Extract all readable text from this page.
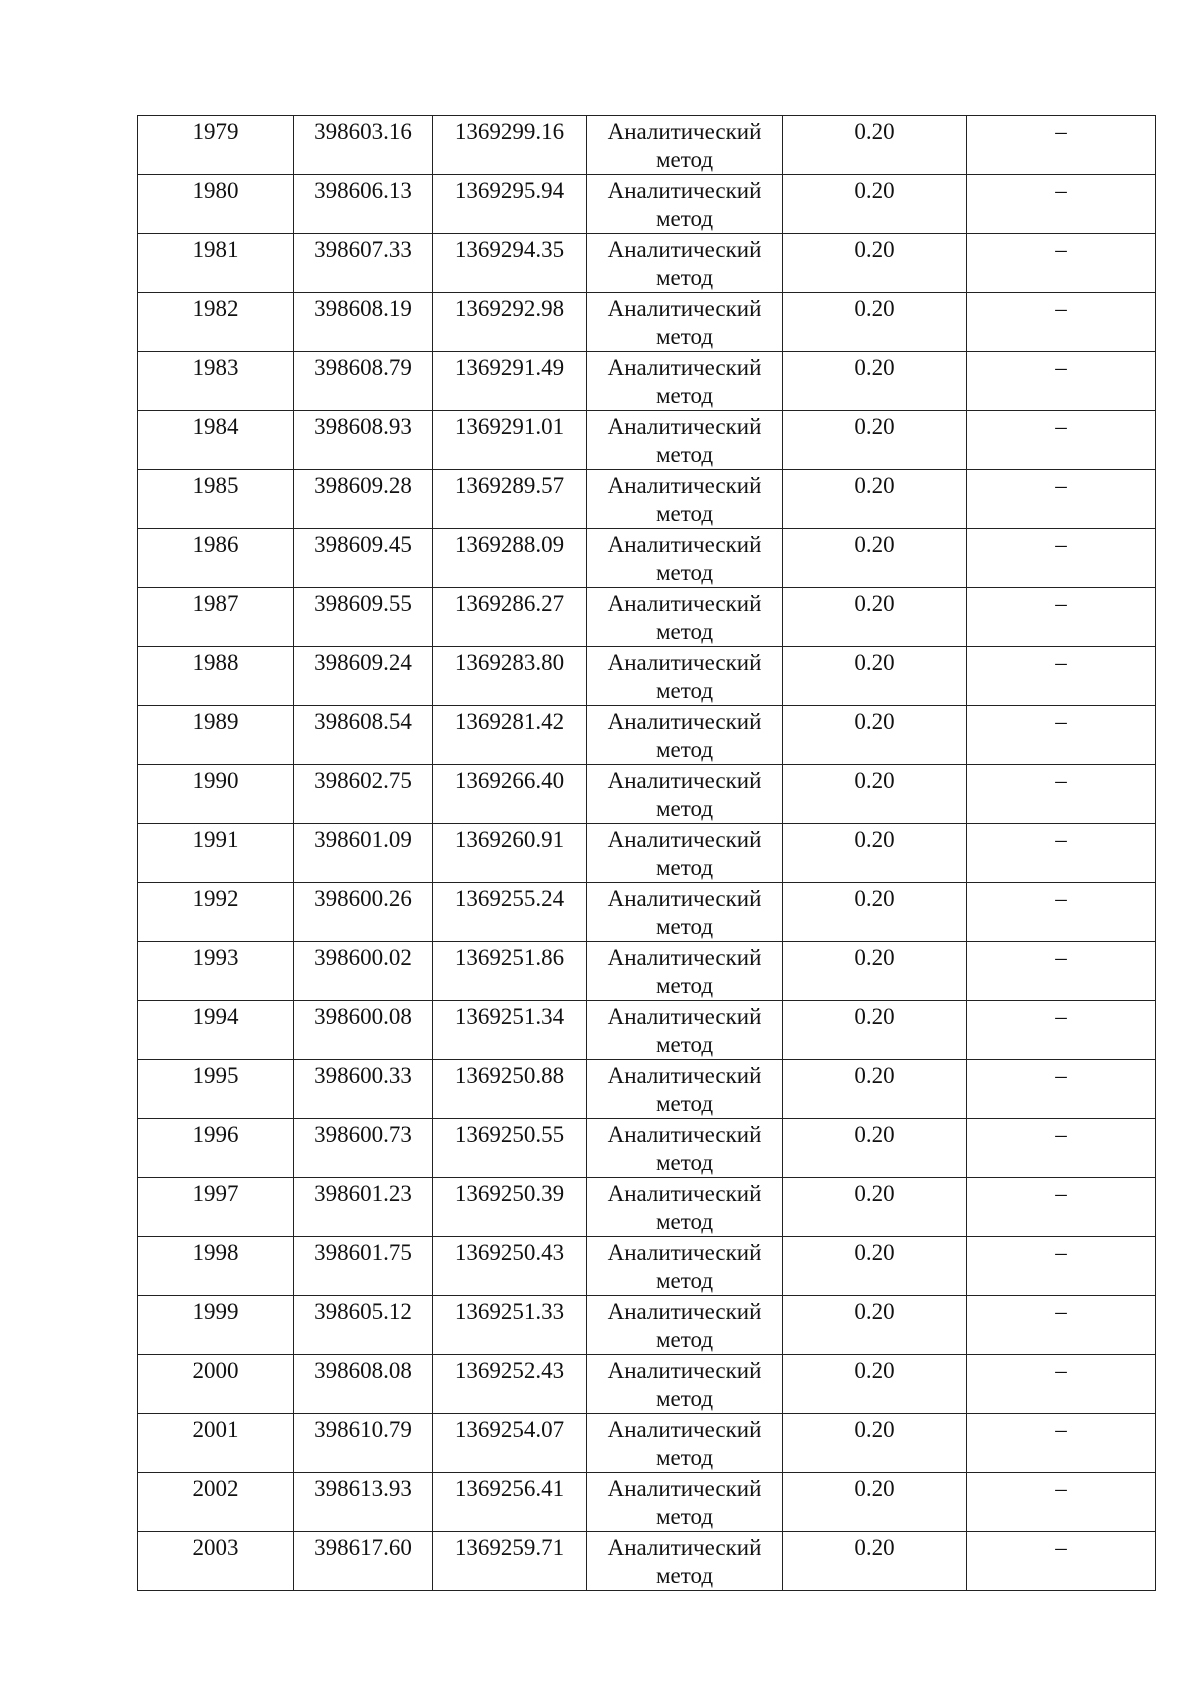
1979	398603.16	1369299.16	Аналитический метод	0.20	–
1980	398606.13	1369295.94	Аналитический метод	0.20	–
1981	398607.33	1369294.35	Аналитический метод	0.20	–
1982	398608.19	1369292.98	Аналитический метод	0.20	–
1983	398608.79	1369291.49	Аналитический метод	0.20	–
1984	398608.93	1369291.01	Аналитический метод	0.20	–
1985	398609.28	1369289.57	Аналитический метод	0.20	–
1986	398609.45	1369288.09	Аналитический метод	0.20	–
1987	398609.55	1369286.27	Аналитический метод	0.20	–
1988	398609.24	1369283.80	Аналитический метод	0.20	–
1989	398608.54	1369281.42	Аналитический метод	0.20	–
1990	398602.75	1369266.40	Аналитический метод	0.20	–
1991	398601.09	1369260.91	Аналитический метод	0.20	–
1992	398600.26	1369255.24	Аналитический метод	0.20	–
1993	398600.02	1369251.86	Аналитический метод	0.20	–
1994	398600.08	1369251.34	Аналитический метод	0.20	–
1995	398600.33	1369250.88	Аналитический метод	0.20	–
1996	398600.73	1369250.55	Аналитический метод	0.20	–
1997	398601.23	1369250.39	Аналитический метод	0.20	–
1998	398601.75	1369250.43	Аналитический метод	0.20	–
1999	398605.12	1369251.33	Аналитический метод	0.20	–
2000	398608.08	1369252.43	Аналитический метод	0.20	–
2001	398610.79	1369254.07	Аналитический метод	0.20	–
2002	398613.93	1369256.41	Аналитический метод	0.20	–
2003	398617.60	1369259.71	Аналитический метод	0.20	–
